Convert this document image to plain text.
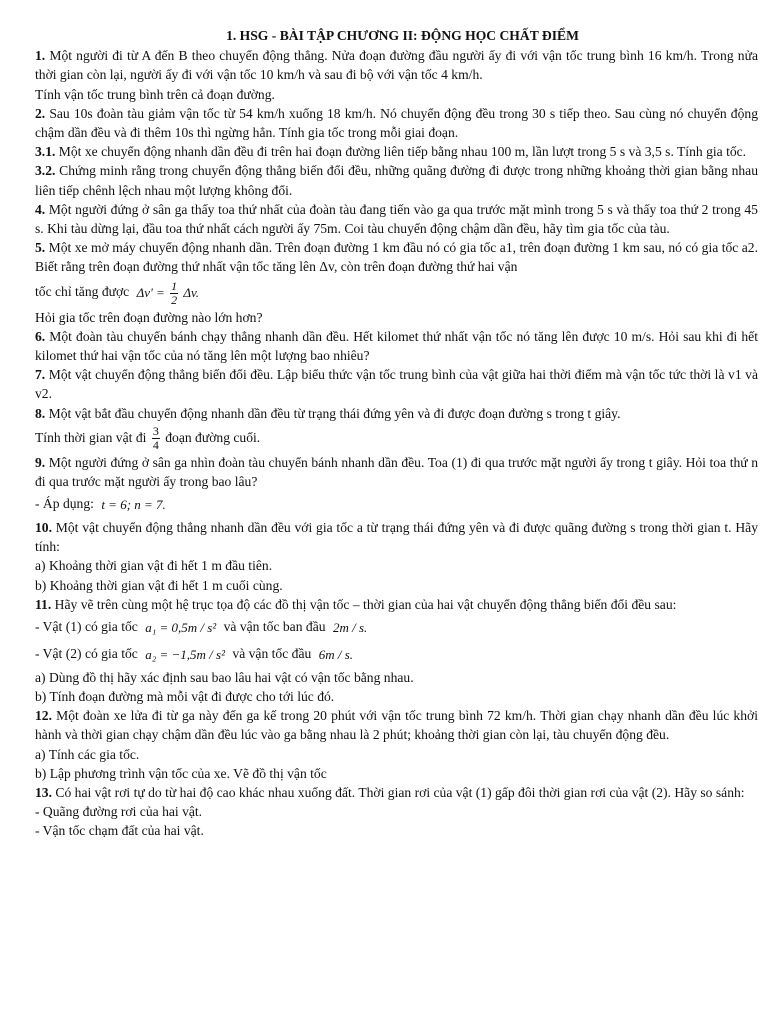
1. HSG - BÀI TẬP CHƯƠNG II: ĐỘNG HỌC CHẤT ĐIỂM

1. Một người đi từ A đến B theo chuyển động thẳng. Nửa đoạn đường đầu người ấy đi với vận tốc trung bình 16 km/h. Trong nửa thời gian còn lại, người ấy đi với vận tốc 10 km/h và sau đi bộ với vận tốc 4 km/h.

Tính vận tốc trung bình trên cả đoạn đường.

2. Sau 10s đoàn tàu giảm vận tốc từ 54 km/h xuống 18 km/h. Nó chuyển động đều trong 30 s tiếp theo. Sau cùng nó chuyển động chậm dần đều và đi thêm 10s thì ngừng hẳn. Tính gia tốc trong mỗi giai đoạn.

3.1. Một xe chuyển động nhanh dần đều đi trên hai đoạn đường liên tiếp bằng nhau 100 m, lần lượt trong 5 s và 3,5 s. Tính gia tốc.

3.2. Chứng minh rằng trong chuyển động thẳng biến đổi đều, những quãng đường đi được trong những khoảng thời gian bằng nhau liên tiếp chênh lệch nhau một lượng không đổi.

4. Một người đứng ở sân ga thấy toa thứ nhất của đoàn tàu đang tiến vào ga qua trước mặt mình trong 5 s và thấy toa thứ 2 trong 45 s. Khi tàu dừng lại, đầu toa thứ nhất cách người ấy 75m. Coi tàu chuyển động chậm dần đều, hãy tìm gia tốc của tàu.

5. Một xe mở máy chuyển động nhanh dần. Trên đoạn đường 1 km đầu nó có gia tốc a1, trên đoạn đường 1 km sau, nó có gia tốc a2. Biết rằng trên đoạn đường thứ nhất vận tốc tăng lên Δv, còn trên đoạn đường thứ hai vận

tốc chỉ tăng được $\Delta v' = \frac{1}{2} \Delta v$.

Hỏi gia tốc trên đoạn đường nào lớn hơn?

6. Một đoàn tàu chuyển bánh chạy thẳng nhanh dần đều. Hết kilomet thứ nhất vận tốc nó tăng lên được 10 m/s. Hỏi sau khi đi hết kilomet thứ hai vận tốc của nó tăng lên một lượng bao nhiêu?

7. Một vật chuyển động thẳng biến đổi đều. Lập biểu thức vận tốc trung bình của vật giữa hai thời điểm mà vận tốc tức thời là v1 và v2.

8. Một vật bắt đầu chuyển động nhanh dần đều từ trạng thái đứng yên và đi được đoạn đường s trong t giây.

Tính thời gian vật đi $\frac{3}{4}$ đoạn đường cuối.

9. Một người đứng ở sân ga nhìn đoàn tàu chuyển bánh nhanh dần đều. Toa (1) đi qua trước mặt người ấy trong t giây. Hỏi toa thứ n đi qua trước mặt người ấy trong bao lâu?

- Áp dụng: t = 6; n = 7.

10. Một vật chuyển động thẳng nhanh dần đều với gia tốc a từ trạng thái đứng yên và đi được quãng đường s trong thời gian t. Hãy tính:

a) Khoảng thời gian vật đi hết 1 m đầu tiên.

b) Khoảng thời gian vật đi hết 1 m cuối cùng.

11. Hãy vẽ trên cùng một hệ trục tọa độ các đồ thị vận tốc – thời gian của hai vật chuyển động thẳng biến đổi đều sau:

- Vật (1) có gia tốc a₁ = 0,5m / s² và vận tốc ban đầu 2m / s.

- Vật (2) có gia tốc a₂ = −1,5m / s² và vận tốc đầu 6m / s.

a) Dùng đồ thị hãy xác định sau bao lâu hai vật có vận tốc bằng nhau.

b) Tính đoạn đường mà mỗi vật đi được cho tới lúc đó.

12. Một đoàn xe lửa đi từ ga này đến ga kế trong 20 phút với vận tốc trung bình 72 km/h. Thời gian chạy nhanh dần đều lúc khởi hành và thời gian chạy chậm dần đều lúc vào ga bằng nhau là 2 phút; khoảng thời gian còn lại, tàu chuyển động đều.

a) Tính các gia tốc.

b) Lập phương trình vận tốc của xe. Vẽ đồ thị vận tốc

13. Có hai vật rơi tự do từ hai độ cao khác nhau xuống đất. Thời gian rơi của vật (1) gấp đôi thời gian rơi của vật (2). Hãy so sánh:

- Quãng đường rơi của hai vật.

- Vận tốc chạm đất của hai vật.
